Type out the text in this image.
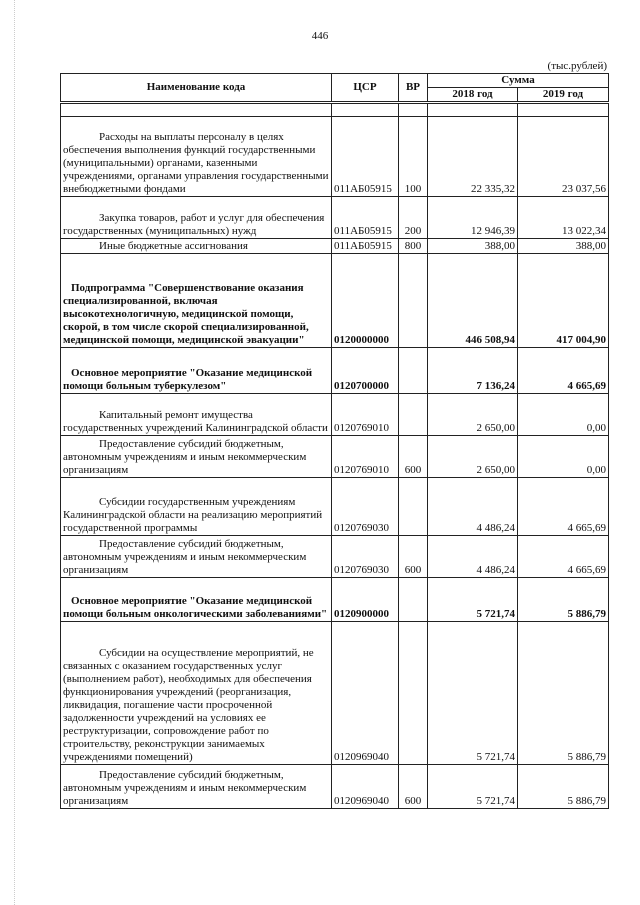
446
(тыс.рублей)
Наименование кода	ЦСР	ВР	Сумма	
			2018 год	2019 год

Расходы на выплаты персоналу в целях обеспечения выполнения функций государственными (муниципальными) органами, казенными учреждениями, органами управления государственными внебюджетными фондами	011АБ05915	100	22 335,32	23 037,56

Закупка товаров, работ и услуг для обеспечения государственных (муниципальных) нужд	011АБ05915	200	12 946,39	13 022,34

Иные бюджетные ассигнования	011АБ05915	800	388,00	388,00

Подпрограмма "Совершенствование оказания специализированной, включая высокотехнологичную, медицинской помощи, скорой, в том числе скорой специализированной, медицинской помощи, медицинской эвакуации"	0120000000		446 508,94	417 004,90

Основное мероприятие "Оказание медицинской помощи больным туберкулезом"	0120700000		7 136,24	4 665,69

Капитальный ремонт имущества государственных учреждений Калининградской области	0120769010		2 650,00	0,00

Предоставление субсидий бюджетным, автономным учреждениям и иным некоммерческим организациям	0120769010	600	2 650,00	0,00

Субсидии государственным учреждениям Калининградской области на реализацию мероприятий государственной программы	0120769030		4 486,24	4 665,69

Предоставление субсидий бюджетным, автономным учреждениям и иным некоммерческим организациям	0120769030	600	4 486,24	4 665,69

Основное мероприятие "Оказание медицинской помощи больным онкологическими заболеваниями"	0120900000		5 721,74	5 886,79

Субсидии на осуществление мероприятий, не связанных с оказанием государственных услуг (выполнением работ), необходимых для обеспечения функционирования учреждений (реорганизация, ликвидация, погашение части просроченной задолженности учреждений на условиях ее реструктуризации, сопровождение работ по строительству, реконструкции занимаемых учреждениями помещений)	0120969040		5 721,74	5 886,79

Предоставление субсидий бюджетным, автономным учреждениям и иным некоммерческим организациям	0120969040	600	5 721,74	5 886,79
